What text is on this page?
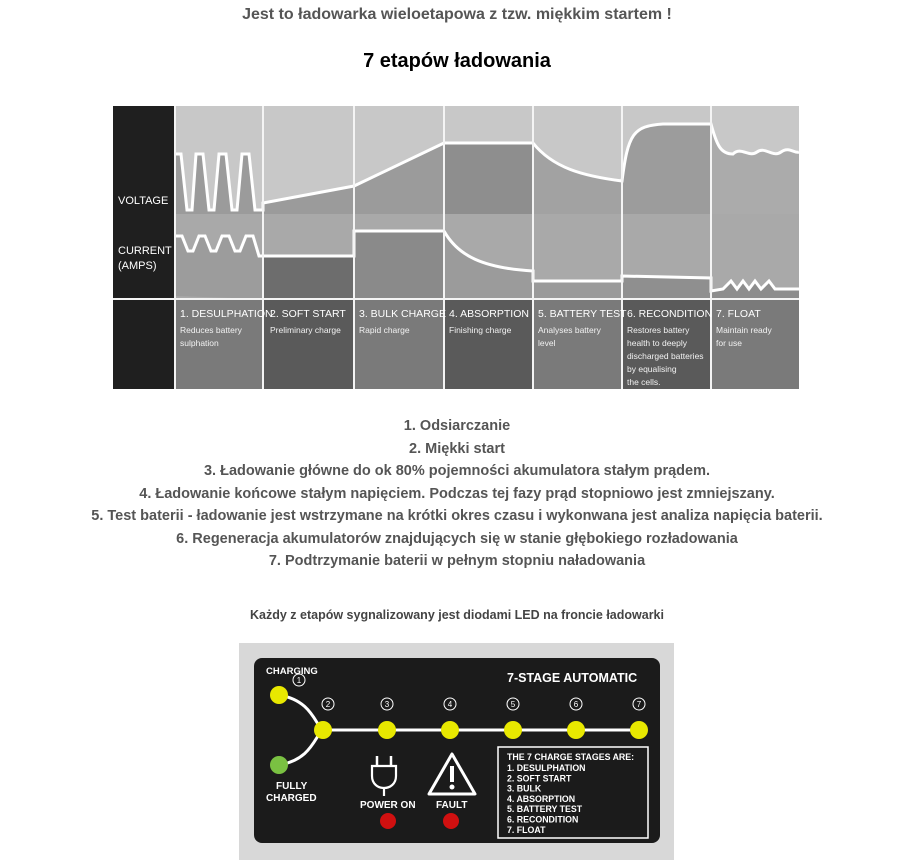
Jest to ładowarka wieloetapowa z tzw. miękkim startem !
7 etapów ładowania
VOLTAGE
CURRENT
(AMPS)
1. DESULPHATION
Reduces battery
sulphation
2. SOFT START
Preliminary charge
3. BULK CHARGE
Rapid charge
4. ABSORPTION
Finishing charge
5. BATTERY TEST
Analyses battery
level
6. RECONDITION
Restores battery
health to deeply
discharged batteries
by equalising
the cells.
7. FLOAT
Maintain ready
for use
1. Odsiarczanie
2. Miękki start
3. Ładowanie główne do ok 80% pojemności akumulatora stałym prądem.
4. Ładowanie końcowe stałym napięciem. Podczas tej fazy prąd stopniowo jest zmniejszany.
5. Test baterii - ładowanie jest wstrzymane na krótki okres czasu i wykonwana jest analiza napięcia baterii.
6. Regeneracja akumulatorów znajdujących się w stanie głębokiego rozładowania
7. Podtrzymanie baterii w pełnym stopniu naładowania
Każdy z etapów sygnalizowany jest diodami LED na froncie ładowarki
7-STAGE AUTOMATIC
CHARGING
FULLY
CHARGED
1
2	3	4	5	6	7
POWER ON FAULT
THE 7 CHARGE STAGES ARE:
1. DESULPHATION
2. SOFT START
3. BULK
4. ABSORPTION
5. BATTERY TEST
6. RECONDITION
7. FLOAT
